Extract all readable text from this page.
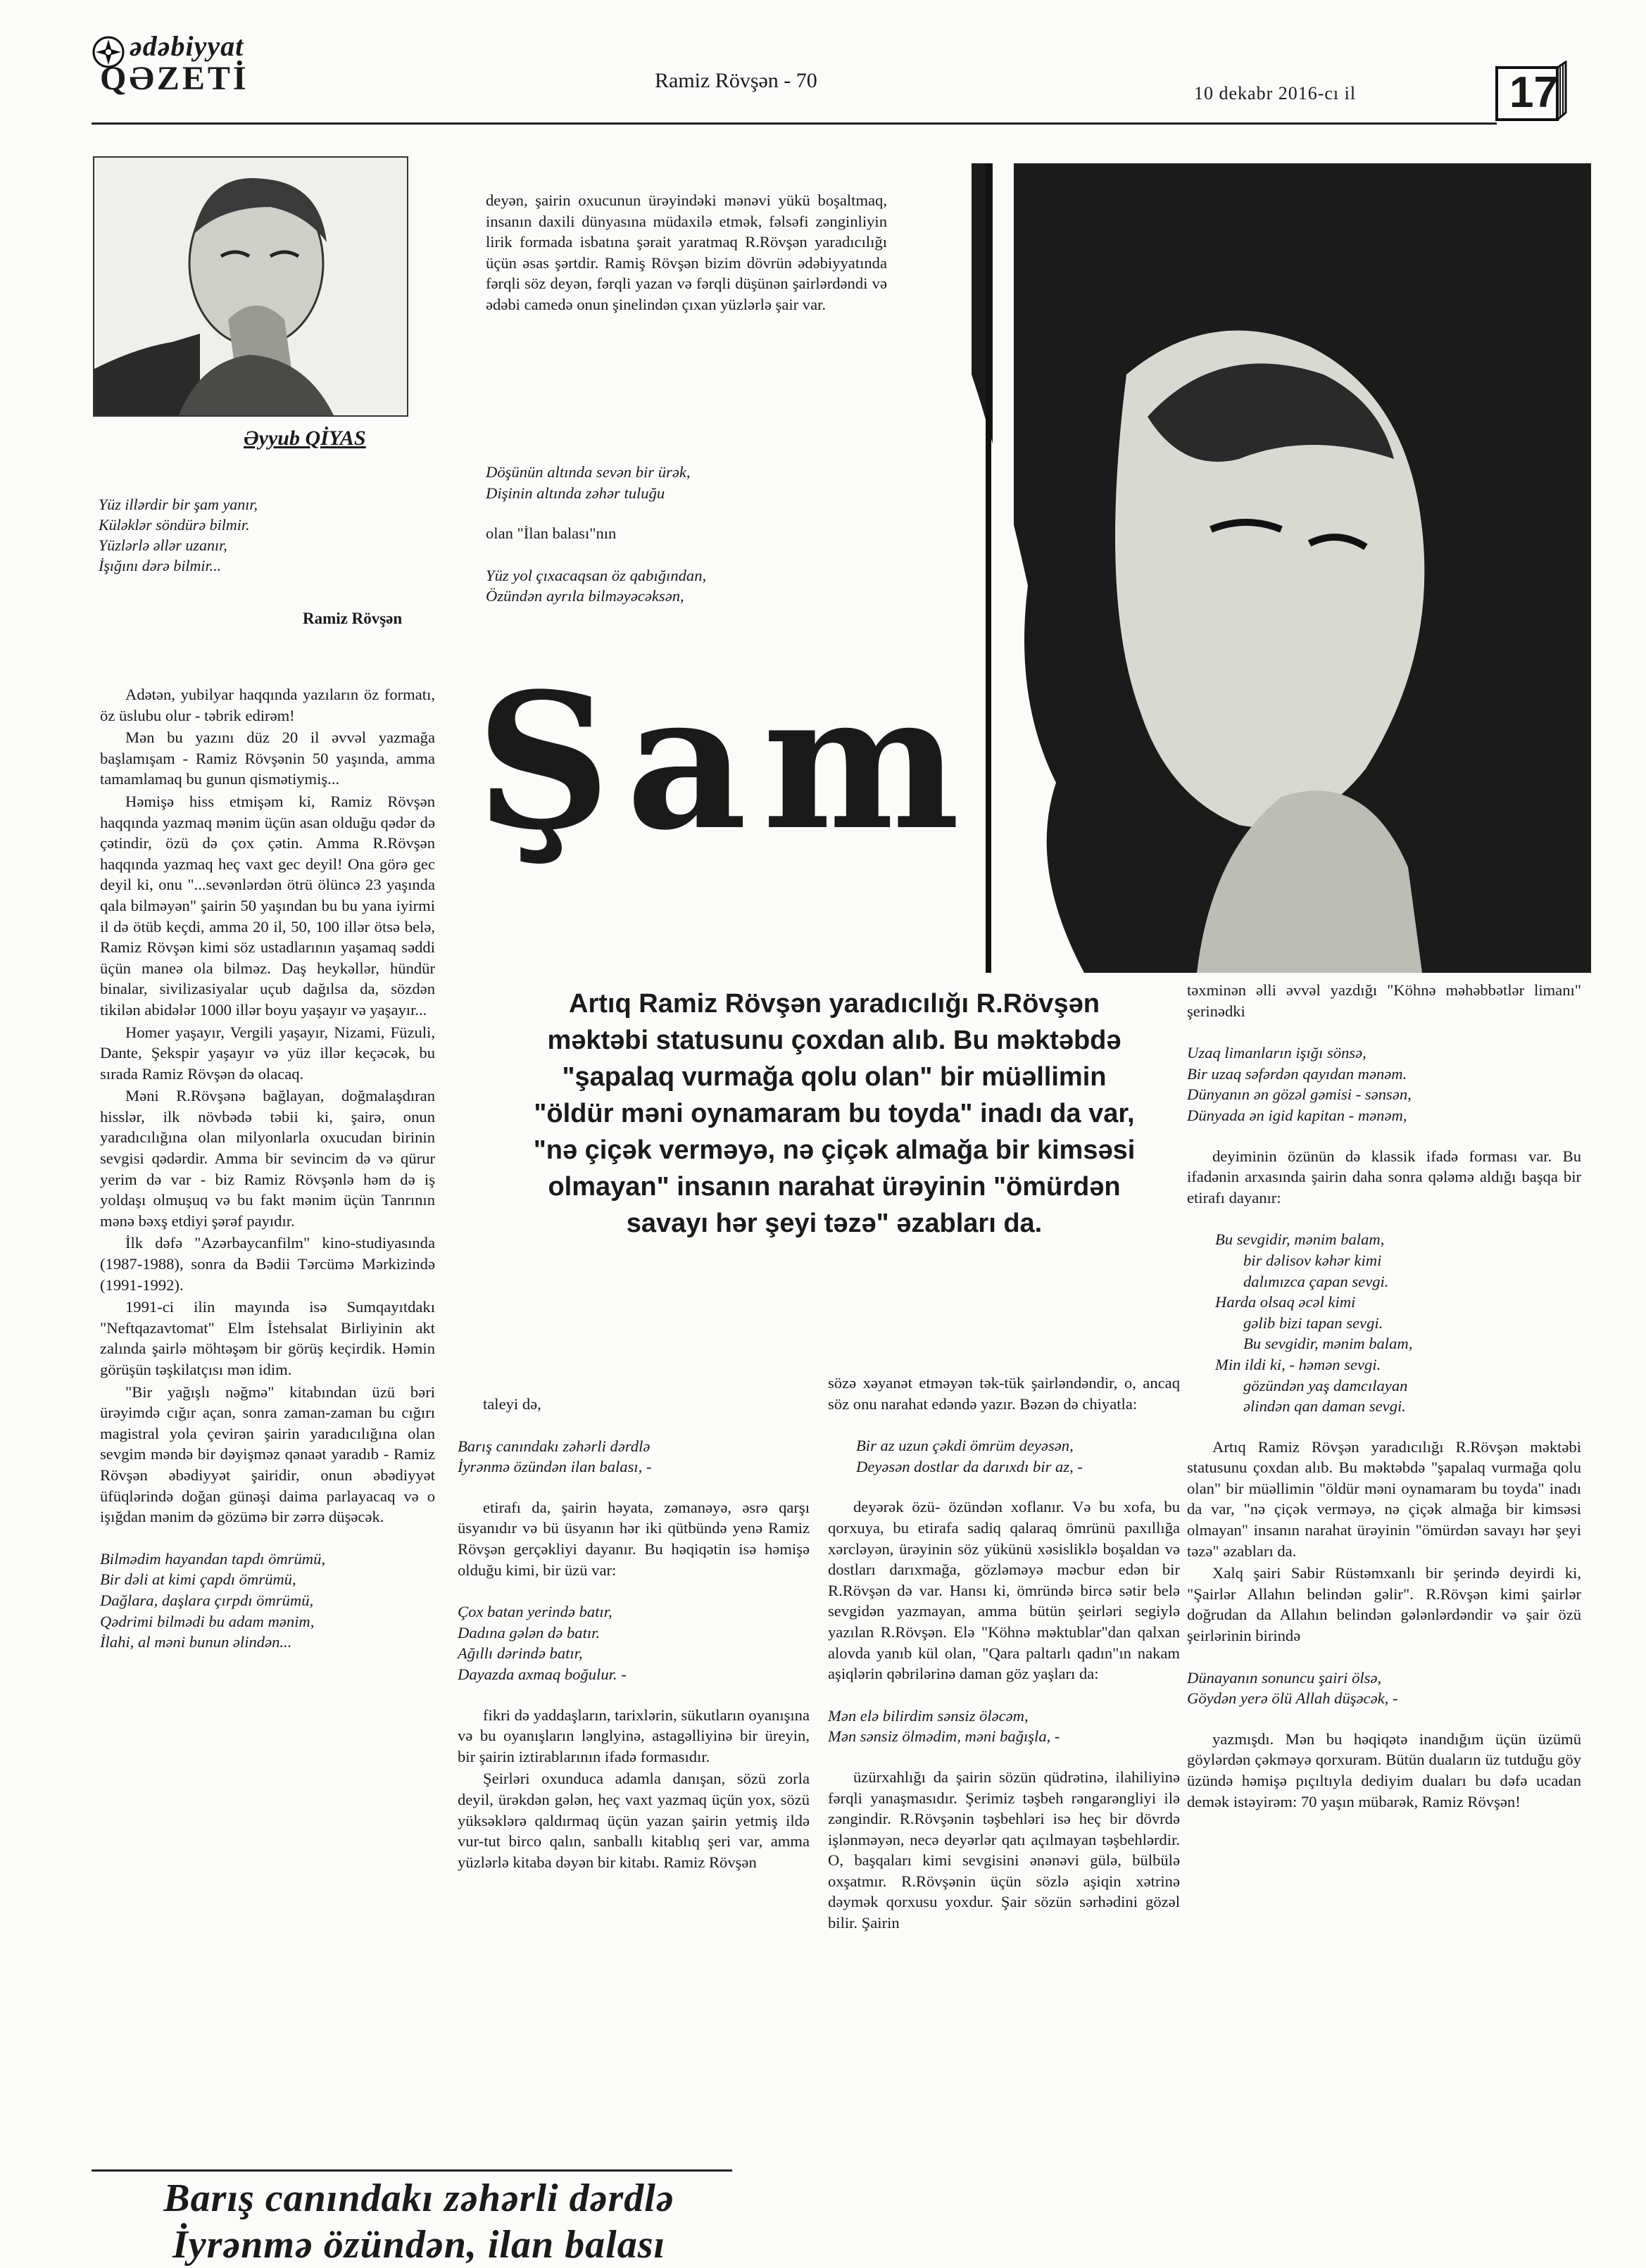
ədəbiyyat
QƏZETİ	Ramiz Rövşən - 70
10 dekabr 2016-cı il	17
Əyyub QİYAS
Yüz illərdir bir şam yanır,
Küləklər söndürə bilmir.
Yüzlərlə əllər uzanır,
İşığını dərə bilmir...
Ramiz Rövşən

deyən, şairin oxucunun ürəyindəki mənəvi yükü boşaltmaq, insanın daxili dünyasına müdaxilə etmək, fəlsəfi zənginliyin lirik formada isbatına şərait yaratmaq R.Rövşən yaradıcılığı üçün əsas şərtdir. Ramiş Rövşən bizim dövrün ədəbiyyatında fərqli söz deyən, fərqli yazan və fərqli düşünən şairlərdəndi və ədəbi camedə onun şinelindən çıxan yüzlərlə şair var.

Döşünün altında sevən bir ürək,

Dişinin altında zəhər tuluğu

olan "İlan balası"nın

Yüz yol çıxacaqsan öz qabığından,

Özündən ayrıla bilməyəcəksən,

Şam
Artıq Ramiz Rövşən yaradıcılığı R.Rövşən məktəbi statusunu çoxdan alıb. Bu məktəbdə "şapalaq vurmağa qolu olan" bir müəllimin "öldür məni oynamaram bu toyda" inadı da var, "nə çiçək verməyə, nə çiçək almağa bir kimsəsi olmayan" insanın narahat ürəyinin "ömürdən savayı hər şeyi təzə" əzabları da.

Adətən, yubilyar haqqında yazıların öz formatı, öz üslubu olur - təbrik edirəm!

Mən bu yazını düz 20 il əvvəl yazmağa başlamışam - Ramiz Rövşənin 50 yaşında, amma tamamlamaq bu gunun qismətiymiş...

Həmişə hiss etmişəm ki, Ramiz Rövşən haqqında yazmaq mənim üçün asan olduğu qədər də çətindir, özü də çox çətin. Amma R.Rövşən haqqında yazmaq heç vaxt gec deyil! Ona görə gec deyil ki, onu "...sevənlərdən ötrü ölüncə 23 yaşında qala bilməyən" şairin 50 yaşından bu bu yana iyirmi il də ötüb keçdi, amma 20 il, 50, 100 illər ötsə belə, Ramiz Rövşən kimi söz ustadlarının yaşamaq səddi üçün maneə ola bilməz. Daş heykəllər, hündür binalar, sivilizasiyalar uçub dağılsa da, sözdən tikilən abidələr 1000 illər boyu yaşayır və yaşayır...

Homer yaşayır, Vergili yaşayır, Nizami, Füzuli, Dante, Şekspir yaşayır və yüz illər keçəcək, bu sırada Ramiz Rövşən də olacaq.

Məni R.Rövşənə bağlayan, doğmalaşdıran hisslər, ilk növbədə təbii ki, şairə, onun yaradıcılığına olan milyonlarla oxucudan birinin sevgisi qədərdir. Amma bir sevincim də və qürur yerim də var - biz Ramiz Rövşənlə həm də iş yoldaşı olmuşuq və bu fakt mənim üçün Tanrının mənə bəxş etdiyi şərəf payıdır.

İlk dəfə "Azərbaycanfilm" kino-studiyasında (1987-1988), sonra da Bədii Tərcümə Mərkizində (1991-1992).

1991-ci ilin mayında isə Sumqayıtdakı "Neftqazavtomat" Elm İstehsalat Birliyinin akt zalında şairlə möhtəşəm bir görüş keçirdik. Həmin görüşün təşkilatçısı mən idim.

"Bir yağışlı nəğmə" kitabından üzü bəri ürəyimdə cığır açan, sonra zaman-zaman bu cığırı magistral yola çevirən şairin yaradıcılığına olan sevgim məndə bir dəyişməz qənaət yaradıb - Ramiz Rövşən əbədiyyət şairidir, onun əbədiyyət üfüqlərində doğan günəşi daima parlayacaq və o işığdan mənim də gözümə bir zərrə düşəcək.

Bilmədim hayandan tapdı ömrümü,

Bir dəli at kimi çapdı ömrümü,

Dağlara, daşlara çırpdı ömrümü,

Qədrimi bilmədi bu adam mənim,

İlahi, al məni bunun əlindən...

Barış canındakı zəhərli dərdlə
İyrənmə özündən, ilan balası

taleyi də,

Barış canındakı zəhərli dərdlə

İyrənmə özündən ilan balası, -

etirafı da, şairin həyata, zəmanəyə, əsrə qarşı üsyanıdır və bü üsyanın hər iki qütbündə yenə Ramiz Rövşən gerçəkliyi dayanır. Bu həqiqətin isə həmişə olduğu kimi, bir üzü var:

Çox batan yerində batır,

Dadına gələn də batır.

Ağıllı dərində batır,

Dayazda axmaq boğulur. -

fikri də yaddaşların, tarixlərin, sükutların oyanışına və bu oyanışların lənglyinə, astagəlliyinə bir üreyin, bir şairin iztirablarının ifadə formasıdır.

Şeirləri oxunduca adamla danışan, sözü zorla deyil, ürəkdən gələn, heç vaxt yazmaq üçün yox, sözü yüksəklərə qaldırmaq üçün yazan şairin yetmiş ildə vur-tut birco qalın, sanballı kitablıq şeri var, amma yüzlərlə kitaba dəyən bir kitabı. Ramiz Rövşən

sözə xəyanət etməyən tək-tük şairləndəndir, o, ancaq söz onu narahat edəndə yazır. Bəzən də chiyatla:

Bir az uzun çəkdi ömrüm deyəsən,

Deyəsən dostlar da darıxdı bir az, -

deyərək özü- özündən xoflanır. Və bu xofa, bu qorxuya, bu etirafa sadiq qalaraq ömrünü paxıllığa xərcləyən, ürəyinin söz yükünü xəsisliklə boşaldan və dostları darıxmağa, gözləməyə məcbur edən bir R.Rövşən də var. Hansı ki, ömründə bircə sətir belə sevgidən yazmayan, amma bütün şeirləri segiylə yazılan R.Rövşən. Elə "Köhnə məktublar"dan qalxan alovda yanıb kül olan, "Qara paltarlı qadın"ın nakam aşiqlərin qəbrilərinə daman göz yaşları da:

Mən elə bilirdim sənsiz öləcəm,

Mən sənsiz ölmədim, məni bağışla, -

üzürxahlığı da şairin sözün qüdrətinə, ilahiliyinə fərqli yanaşmasıdır. Şerimiz təşbeh rəngarəngliyi ilə zəngindir. R.Rövşənin təşbehləri isə heç bir dövrdə işlənməyən, necə deyərlər qatı açılmayan təşbehlərdir. O, başqaları kimi sevgisini ənənəvi gülə, bülbülə oxşatmır. R.Rövşənin üçün sözlə aşiqin xətrinə dəymək qorxusu yoxdur. Şair sözün sərhədini gözəl bilir. Şairin

təxminən əlli əvvəl yazdığı "Köhnə məhəbbətlər limanı" şerinədki

Uzaq limanların işığı sönsə,

Bir uzaq səfərdən qayıdan mənəm.

Dünyanın ən gözəl gəmisi - sənsən,

Dünyada ən igid kapitan - mənəm,

deyiminin özünün də klassik ifadə forması var. Bu ifadənin arxasında şairin daha sonra qələmə aldığı başqa bir etirafı dayanır:

Bu sevgidir, mənim balam,

bir dəlisov kəhər kimi

dalımızca çapan sevgi.

Harda olsaq əcəl kimi

gəlib bizi tapan sevgi.

Bu sevgidir, mənim balam,

Min ildi ki, - həmən sevgi.

gözündən yaş damcılayan

əlindən qan daman sevgi.

Artıq Ramiz Rövşən yaradıcılığı R.Rövşən məktəbi statusunu çoxdan alıb. Bu məktəbdə "şapalaq vurmağa qolu olan" bir müəllimin "öldür məni oynamaram bu toyda" inadı da var, "nə çiçək verməyə, nə çiçək almağa bir kimsəsi olmayan" insanın narahat ürəyinin "ömürdən savayı hər şeyi təzə" əzabları da.

Xalq şairi Sabir Rüstəmxanlı bir şerində deyirdi ki, "Şairlər Allahın belindən gəlir". R.Rövşən kimi şairlər doğrudan da Allahın belindən gələnlərdəndir və şair özü şeirlərinin birində

Dünayanın sonuncu şairi ölsə,

Göydən yerə ölü Allah düşəcək, -

yazmışdı. Mən bu həqiqətə inandığım üçün üzümü göylərdən çəkməyə qorxuram. Bütün duaların üz tutduğu göy üzündə həmişə pıçıltıyla dediyim duaları bu dəfə ucadan demək istəyirəm: 70 yaşın mübarək, Ramiz Rövşən!
